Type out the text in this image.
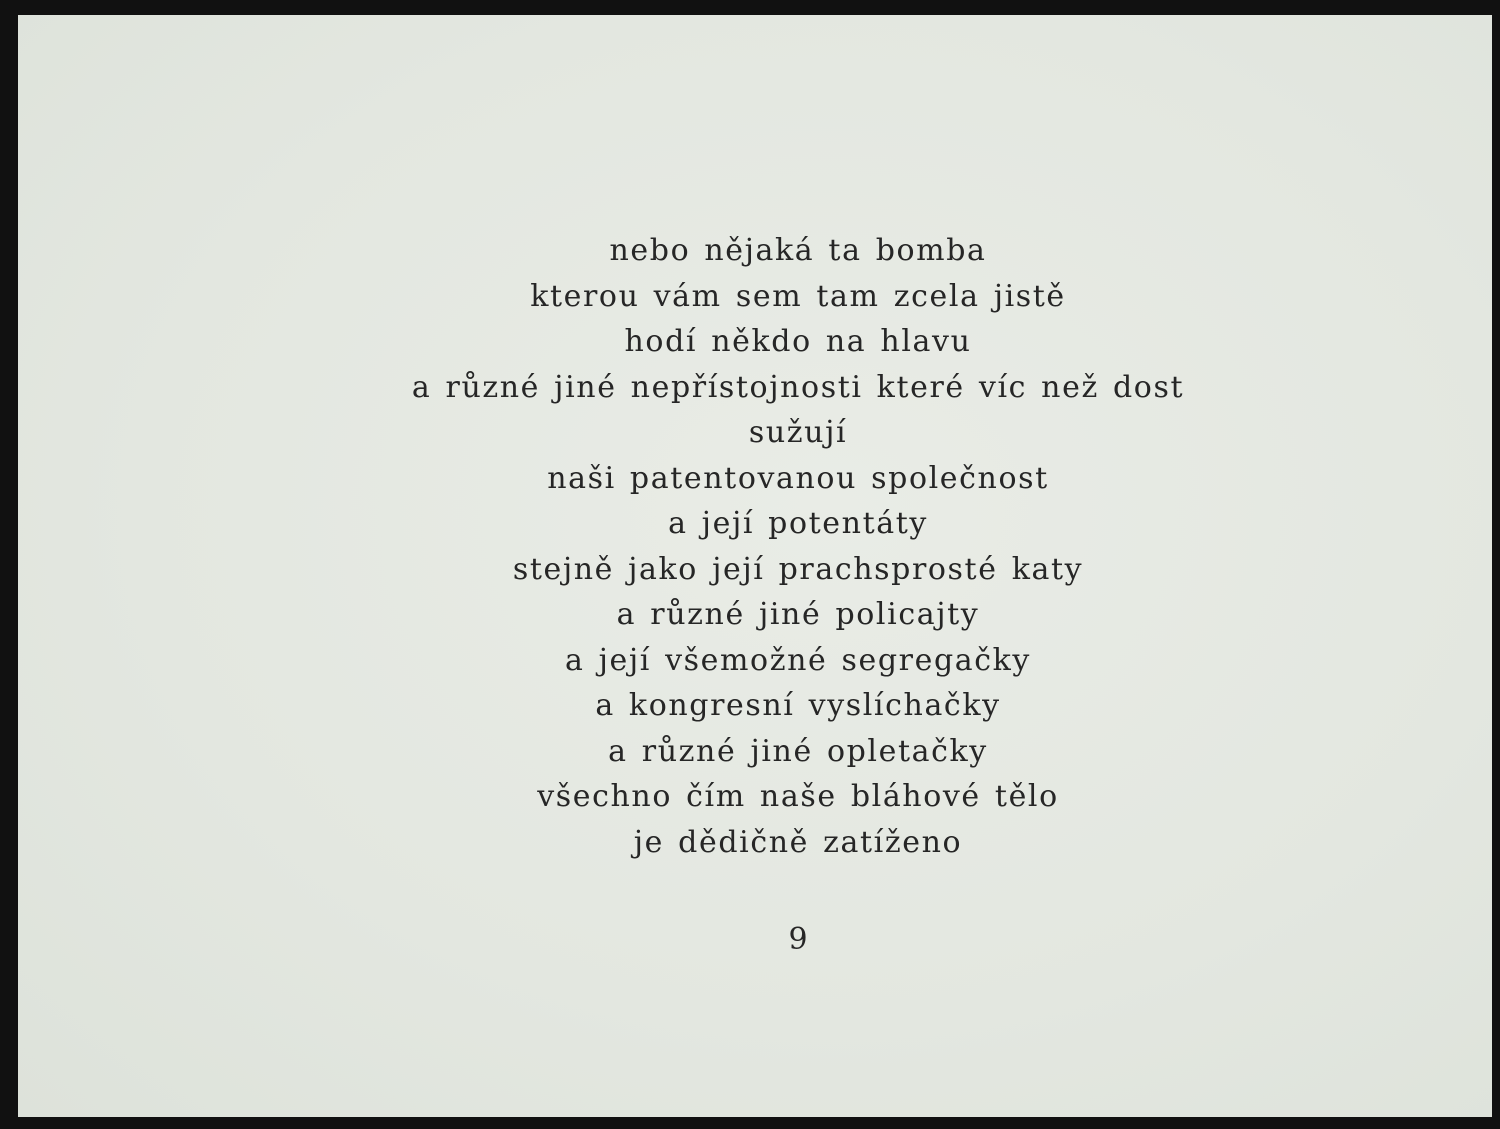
nebo nějaká ta bomba
kterou vám sem tam zcela jistě
hodí někdo na hlavu
a různé jiné nepřístojnosti které víc než dost
sužují
naši patentovanou společnost
a její potentáty
stejně jako její prachsprosté katy
a různé jiné policajty
a její všemožné segregačky
a kongresní vyslíchačky
a různé jiné opletačky
všechno čím naše bláhové tělo
je dědičně zatíženo
9
